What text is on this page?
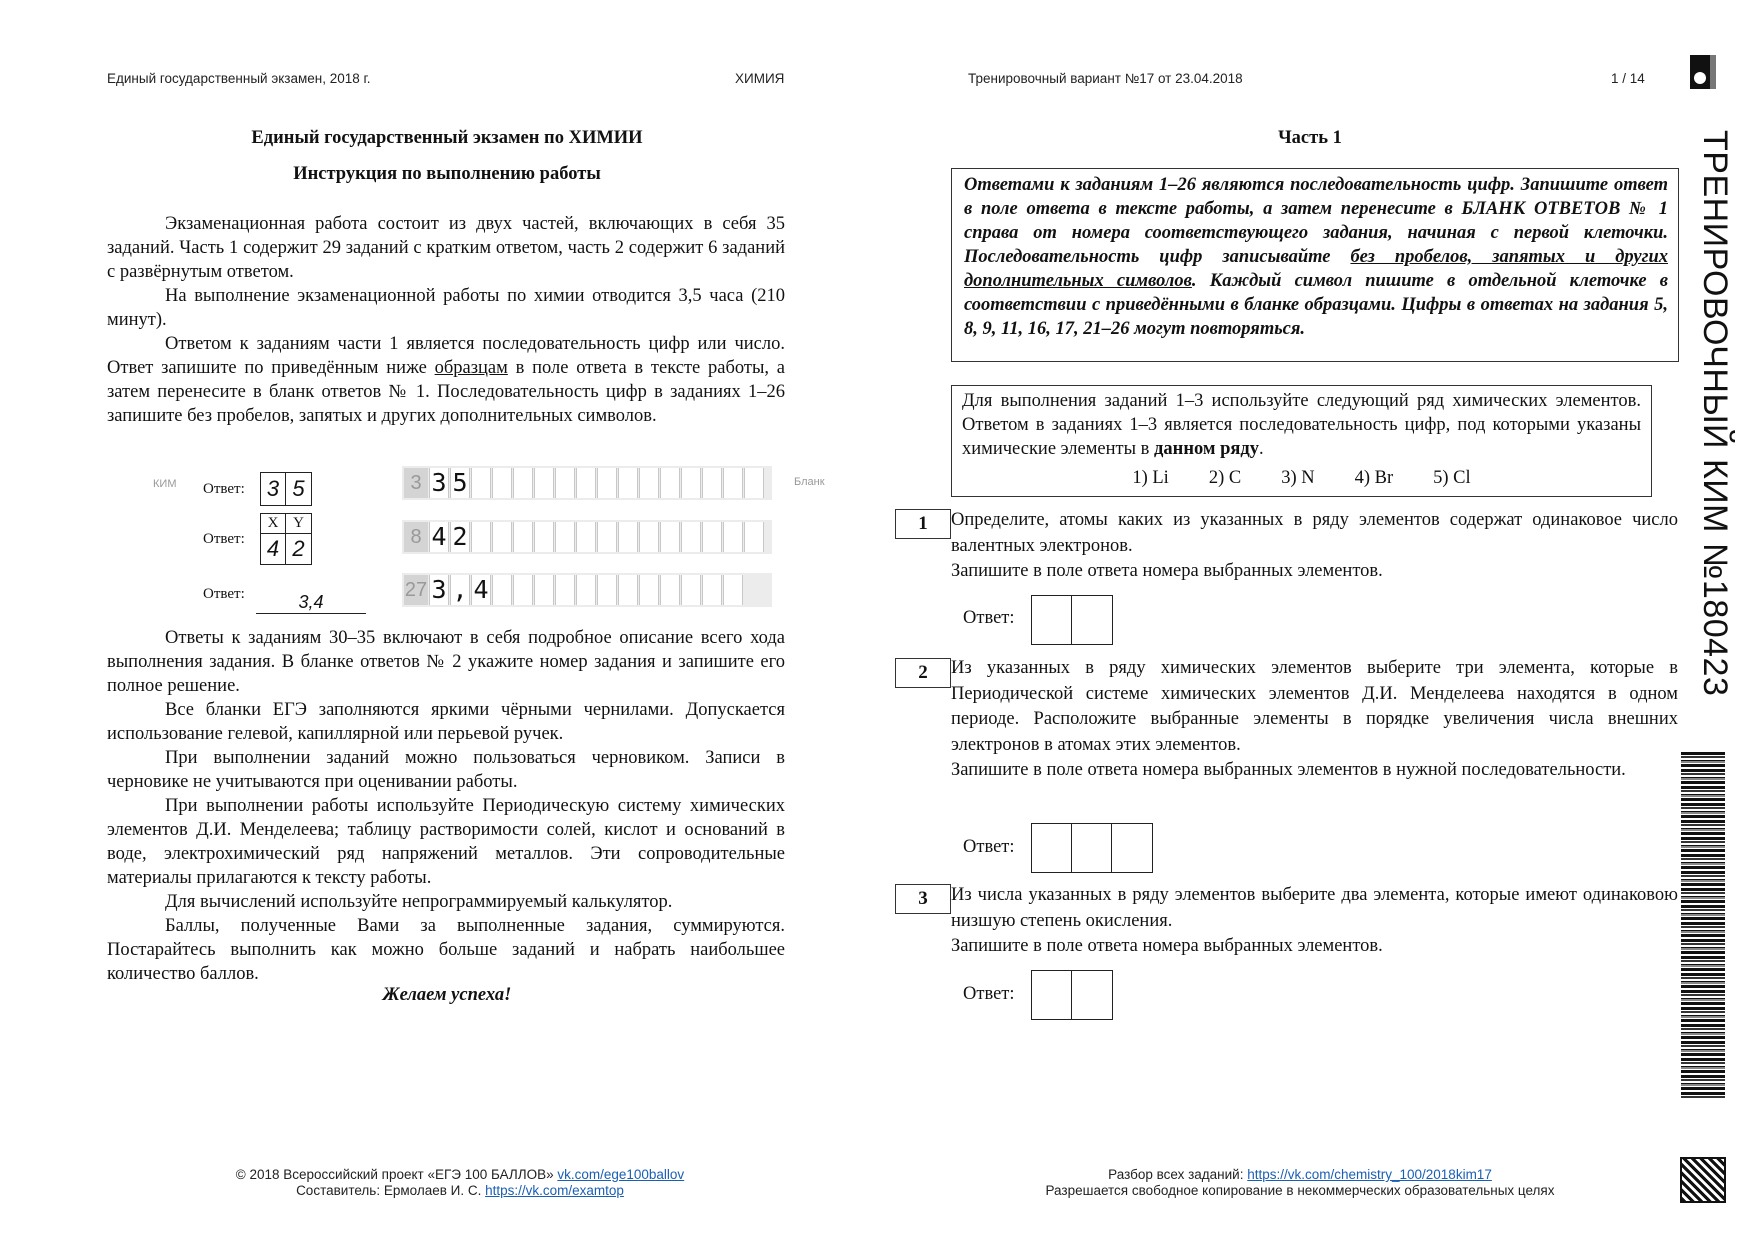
Единый государственный экзамен, 2018 г.	ХИМИЯ	Тренировочный вариант №17 от 23.04.2018	1 / 14
Единый государственный экзамен по ХИМИИ
Инструкция по выполнению работы
Экзаменационная работа состоит из двух частей, включающих в себя 35 заданий. Часть 1 содержит 29 заданий с кратким ответом, часть 2 содержит 6 заданий с развёрнутым ответом.
На выполнение экзаменационной работы по химии отводится 3,5 часа (210 минут).
Ответом к заданиям части 1 является последовательность цифр или число. Ответ запишите по приведённым ниже образцам в поле ответа в тексте работы, а затем перенесите в бланк ответов № 1. Последовательность цифр в заданиях 1–26 запишите без пробелов, запятых и других дополнительных символов.
КИМ	Бланк
Ответ: 3 5	3 3 5
Ответ:
X Y
4 2	8 4 2
Ответ:	3,4
27 3 , 4
Ответы к заданиям 30–35 включают в себя подробное описание всего хода выполнения задания. В бланке ответов № 2 укажите номер задания и запишите его полное решение.
Все бланки ЕГЭ заполняются яркими чёрными чернилами. Допускается использование гелевой, капиллярной или перьевой ручек.
При выполнении заданий можно пользоваться черновиком. Записи в черновике не учитываются при оценивании работы.
При выполнении работы используйте Периодическую систему химических элементов Д.И. Менделеева; таблицу растворимости солей, кислот и оснований в воде, электрохимический ряд напряжений металлов. Эти сопроводительные материалы прилагаются к тексту работы.
Для вычислений используйте непрограммируемый калькулятор.
Баллы, полученные Вами за выполненные задания, суммируются. Постарайтесь выполнить как можно больше заданий и набрать наибольшее количество баллов.
Желаем успеха!
Часть 1
Ответами к заданиям 1–26 являются последовательность цифр. Запишите ответ в поле ответа в тексте работы, а затем перенесите в БЛАНК ОТВЕТОВ № 1 справа от номера соответствующего задания, начиная с первой клеточки. Последовательность цифр записывайте без пробелов, запятых и других дополнительных символов. Каждый символ пишите в отдельной клеточке в соответствии с приведёнными в бланке образцами. Цифры в ответах на задания 5, 8, 9, 11, 16, 17, 21–26 могут повторяться.
Для выполнения заданий 1–3 используйте следующий ряд химических элементов. Ответом в заданиях 1–3 является последовательность цифр, под которыми указаны химические элементы в данном ряду.
1) Li 2) C 3) N 4) Br 5) Cl
1	Определите, атомы каких из указанных в ряду элементов содержат одинаковое число валентных электронов.
Запишите в поле ответа номера выбранных элементов.
Ответ:
2	Из указанных в ряду химических элементов выберите три элемента, которые в Периодической системе химических элементов Д.И. Менделеева находятся в одном периоде. Расположите выбранные элементы в порядке увеличения числа внешних электронов в атомах этих элементов.
Запишите в поле ответа номера выбранных элементов в нужной последовательности.
Ответ:
3	Из числа указанных в ряду элементов выберите два элемента, которые имеют одинаковою низшую степень окисления.
Запишите в поле ответа номера выбранных элементов.
Ответ:
ТРЕНИРОВОЧНЫЙ КИМ №180423
© 2018 Всероссийский проект «ЕГЭ 100 БАЛЛОВ» vk.com/ege100ballov
Составитель: Ермолаев И. С. https://vk.com/examtop
Разбор всех заданий: https://vk.com/chemistry_100/2018kim17
Разрешается свободное копирование в некоммерческих образовательных целях
